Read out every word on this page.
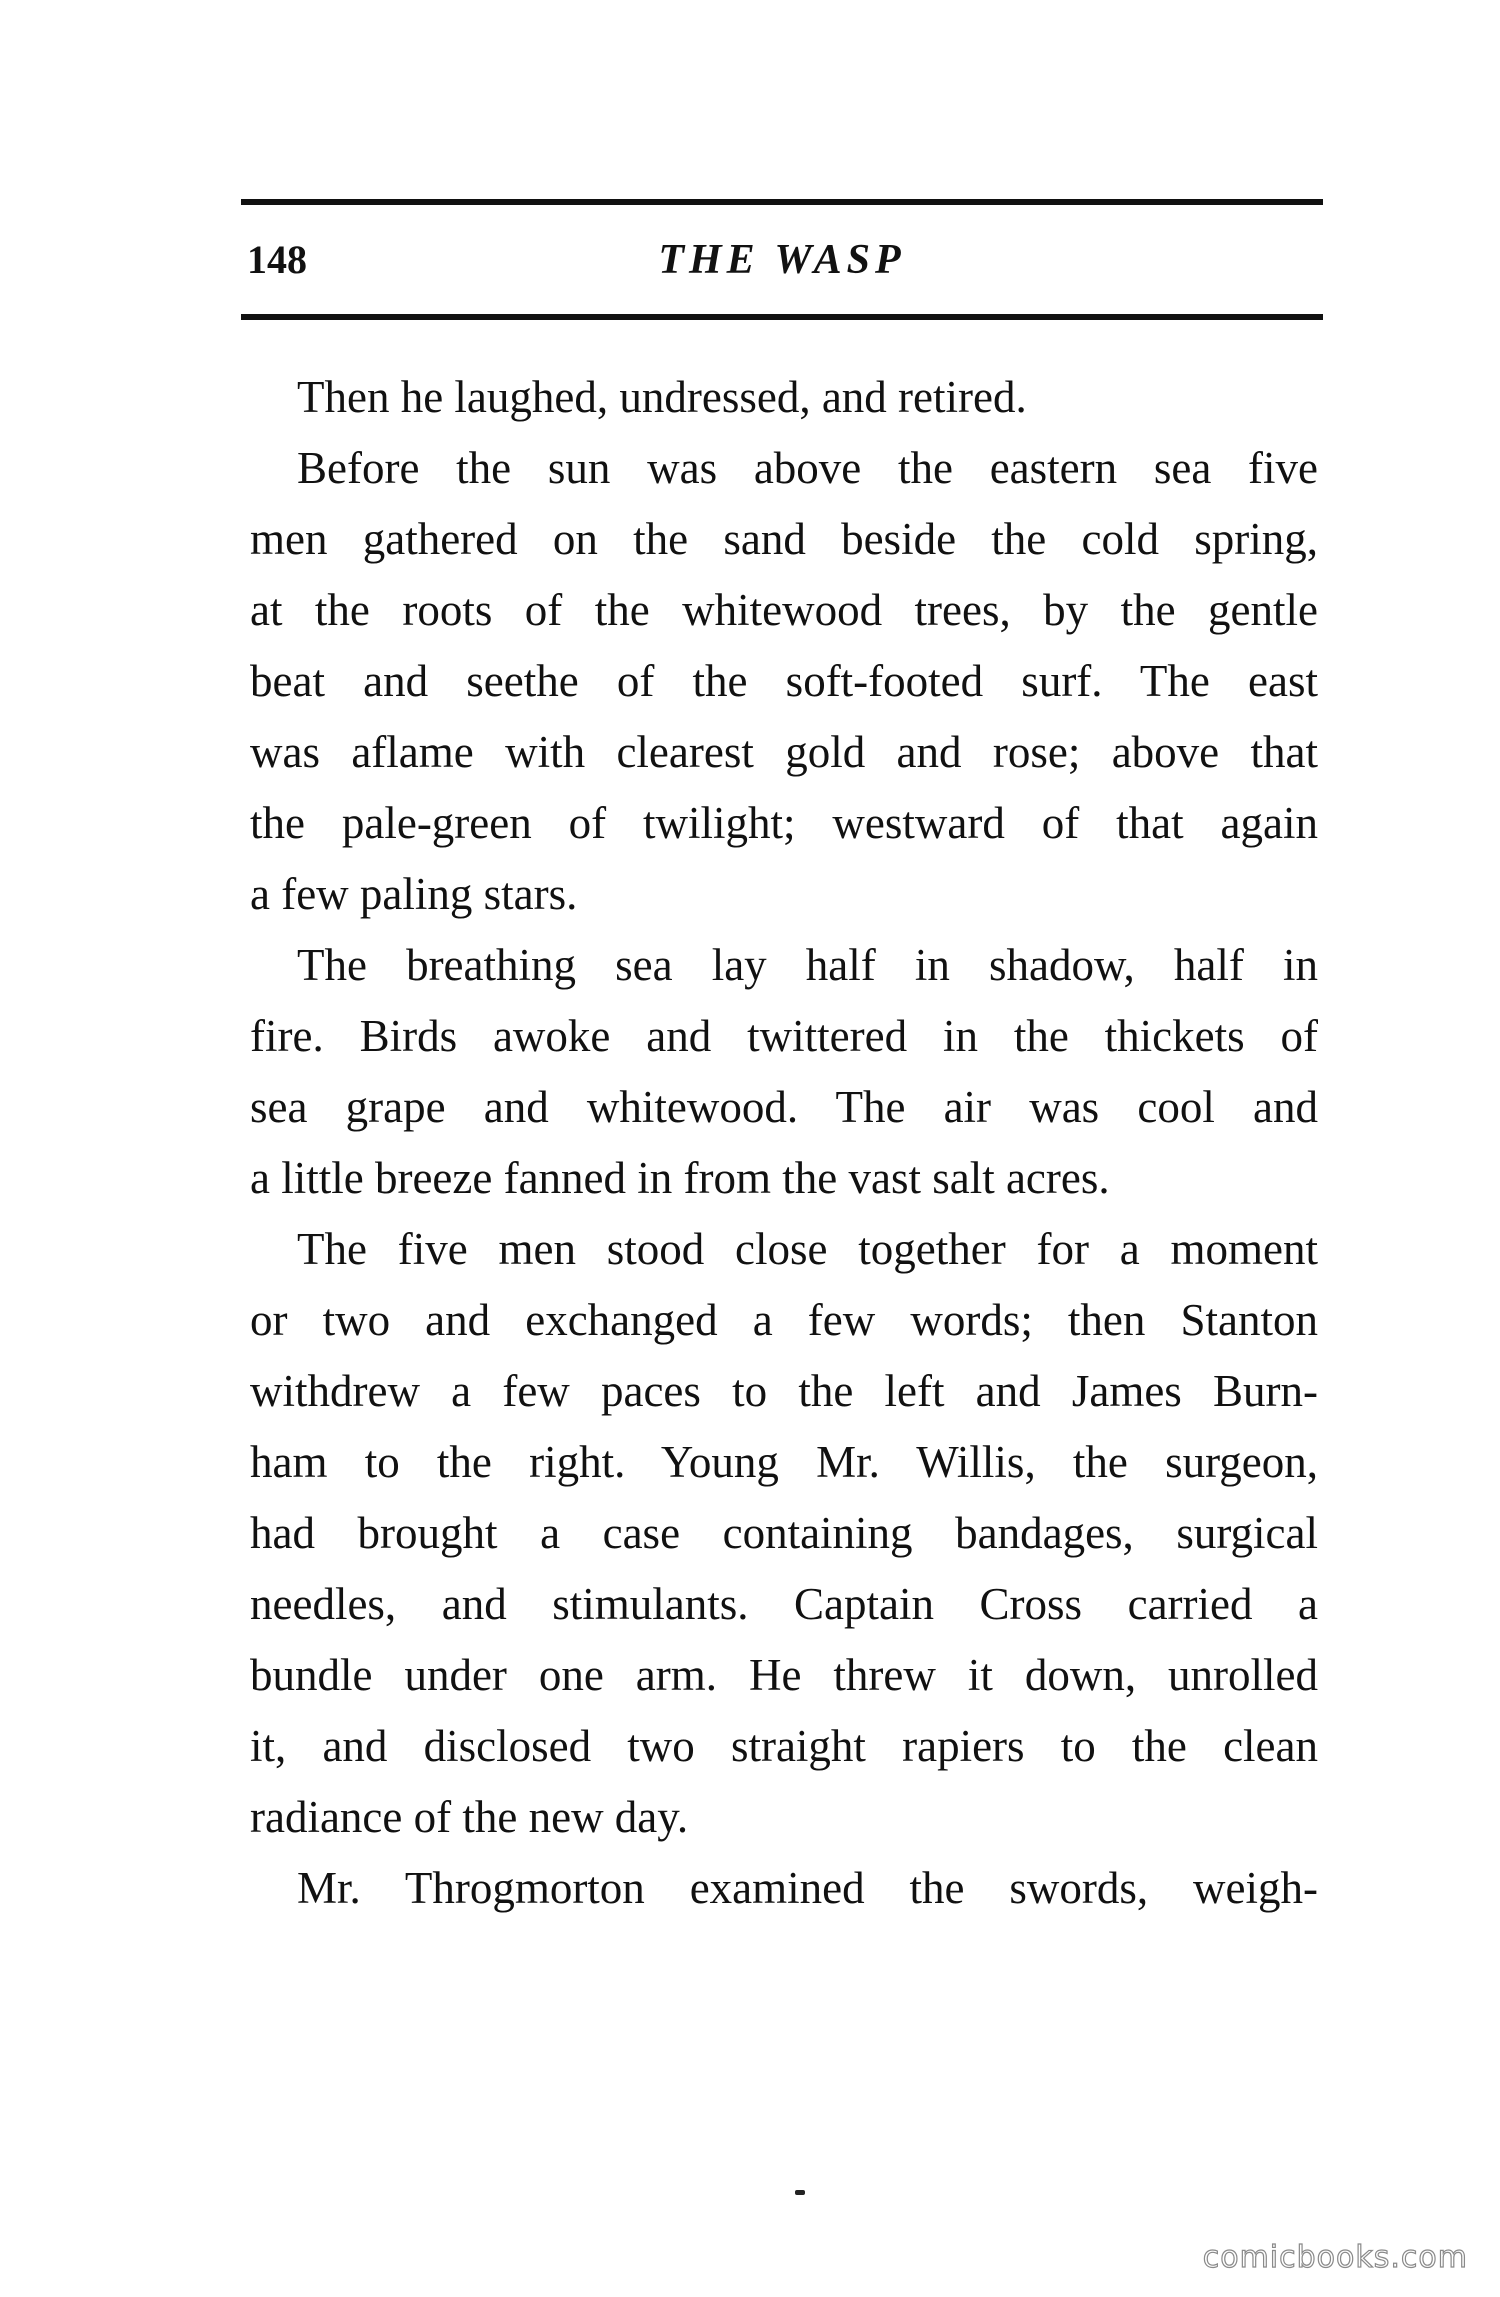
148	THE WASP
Then he laughed, undressed, and retired.
Before the sun was above the eastern sea five
men gathered on the sand beside the cold spring,
at the roots of the whitewood trees, by the gentle
beat and seethe of the soft-footed surf. The east
was aflame with clearest gold and rose; above that
the pale-green of twilight; westward of that again
a few paling stars.
The breathing sea lay half in shadow, half in
fire. Birds awoke and twittered in the thickets of
sea grape and whitewood. The air was cool and
a little breeze fanned in from the vast salt acres.
The five men stood close together for a moment
or two and exchanged a few words; then Stanton
withdrew a few paces to the left and James Burn-
ham to the right. Young Mr. Willis, the surgeon,
had brought a case containing bandages, surgical
needles, and stimulants. Captain Cross carried a
bundle under one arm. He threw it down, unrolled
it, and disclosed two straight rapiers to the clean
radiance of the new day.
Mr. Throgmorton examined the swords, weigh-
comicbooks.com
